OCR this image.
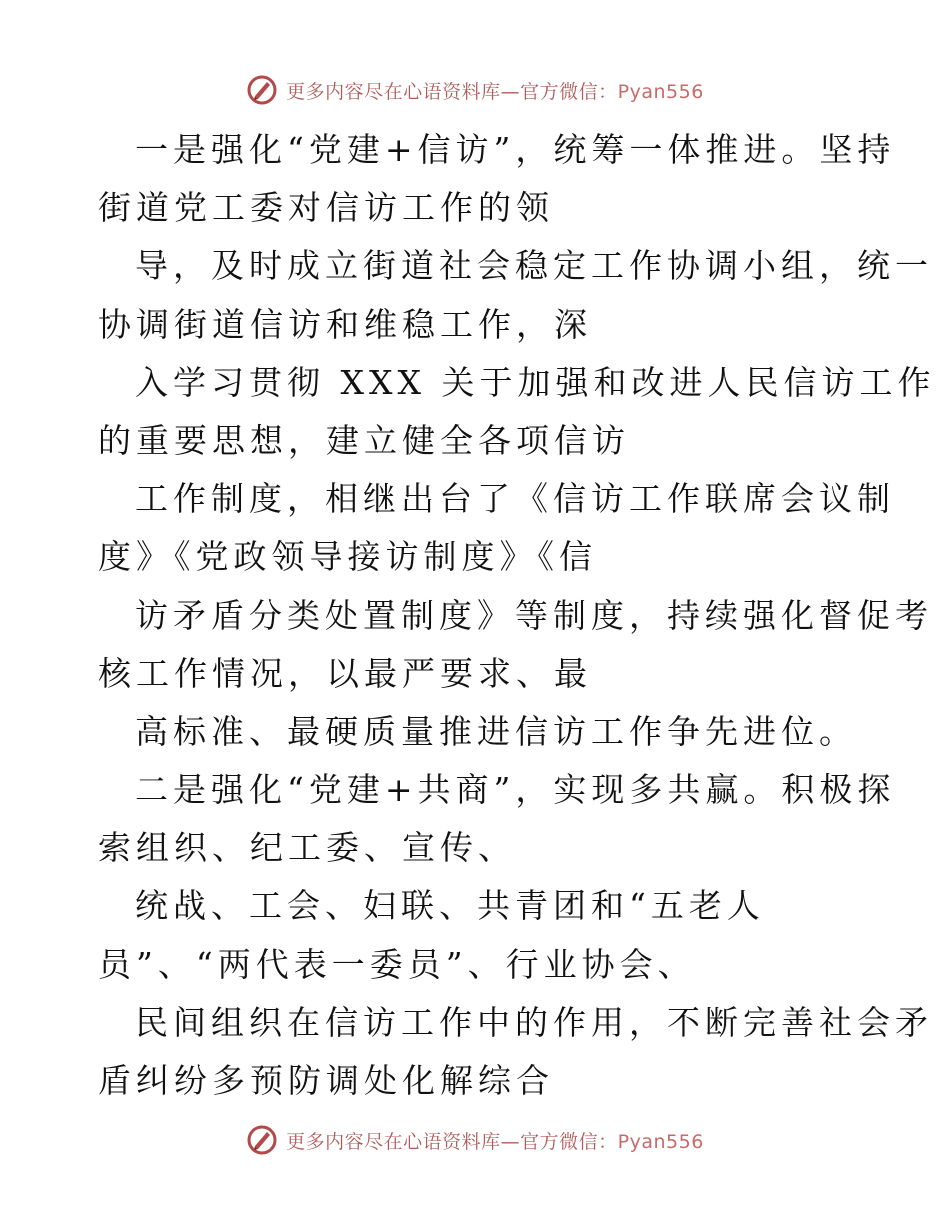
更多内容尽在心语资料库—官方微信：Pyan556
一是强化“党建+信访”，统筹一体推进。坚持
街道党工委对信访工作的领
导，及时成立街道社会稳定工作协调小组，统一
协调街道信访和维稳工作，深
入学习贯彻 XXX 关于加强和改进人民信访工作
的重要思想，建立健全各项信访
工作制度，相继出台了《信访工作联席会议制
度》《党政领导接访制度》《信
访矛盾分类处置制度》等制度，持续强化督促考
核工作情况，以最严要求、最
高标准、最硬质量推进信访工作争先进位。
二是强化“党建+共商”，实现多共赢。积极探
索组织、纪工委、宣传、
统战、工会、妇联、共青团和“五老人
员”、“两代表一委员”、行业协会、
民间组织在信访工作中的作用，不断完善社会矛
盾纠纷多预防调处化解综合
更多内容尽在心语资料库—官方微信：Pyan556
